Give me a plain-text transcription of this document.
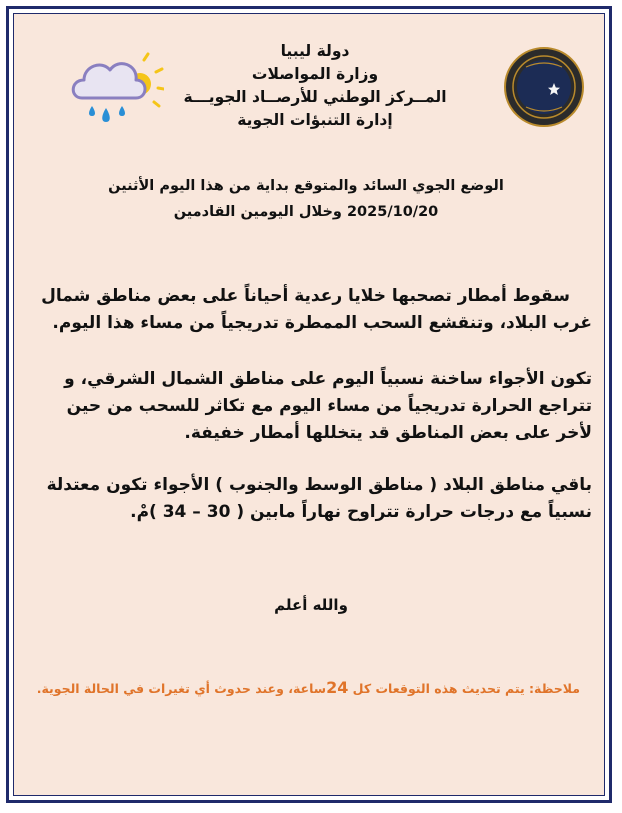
دولة ليبيا
وزارة المواصلات
المــركز الوطني للأرصــاد الجويـــة
إدارة التنبؤات الجوية
الوضع الجوي السائد والمتوقع بداية من هذا اليوم الأثنين
2025/10/20 وخلال اليومين القادمين
سقوط أمطار تصحبها خلايا رعدية أحياناً على بعض مناطق شمال
غرب البلاد، وتنقشع السحب الممطرة تدريجياً من مساء هذا اليوم.
تكون الأجواء ساخنة نسبياً اليوم على مناطق الشمال الشرقي، و
تتراجع الحرارة تدريجياً من مساء اليوم مع تكاثر للسحب من حين
لأخر على بعض المناطق قد يتخللها أمطار خفيفة.
باقي مناطق البلاد ( مناطق الوسط والجنوب ) الأجواء تكون معتدلة
نسبياً مع درجات حرارة تتراوح نهاراً مابين ( 30 – 34 )مْ.
والله أعلم
ملاحظة: يتم تحديث هذه التوقعات كل 24ساعة، وعند حدوث أي تغيرات في الحالة الجوية.
